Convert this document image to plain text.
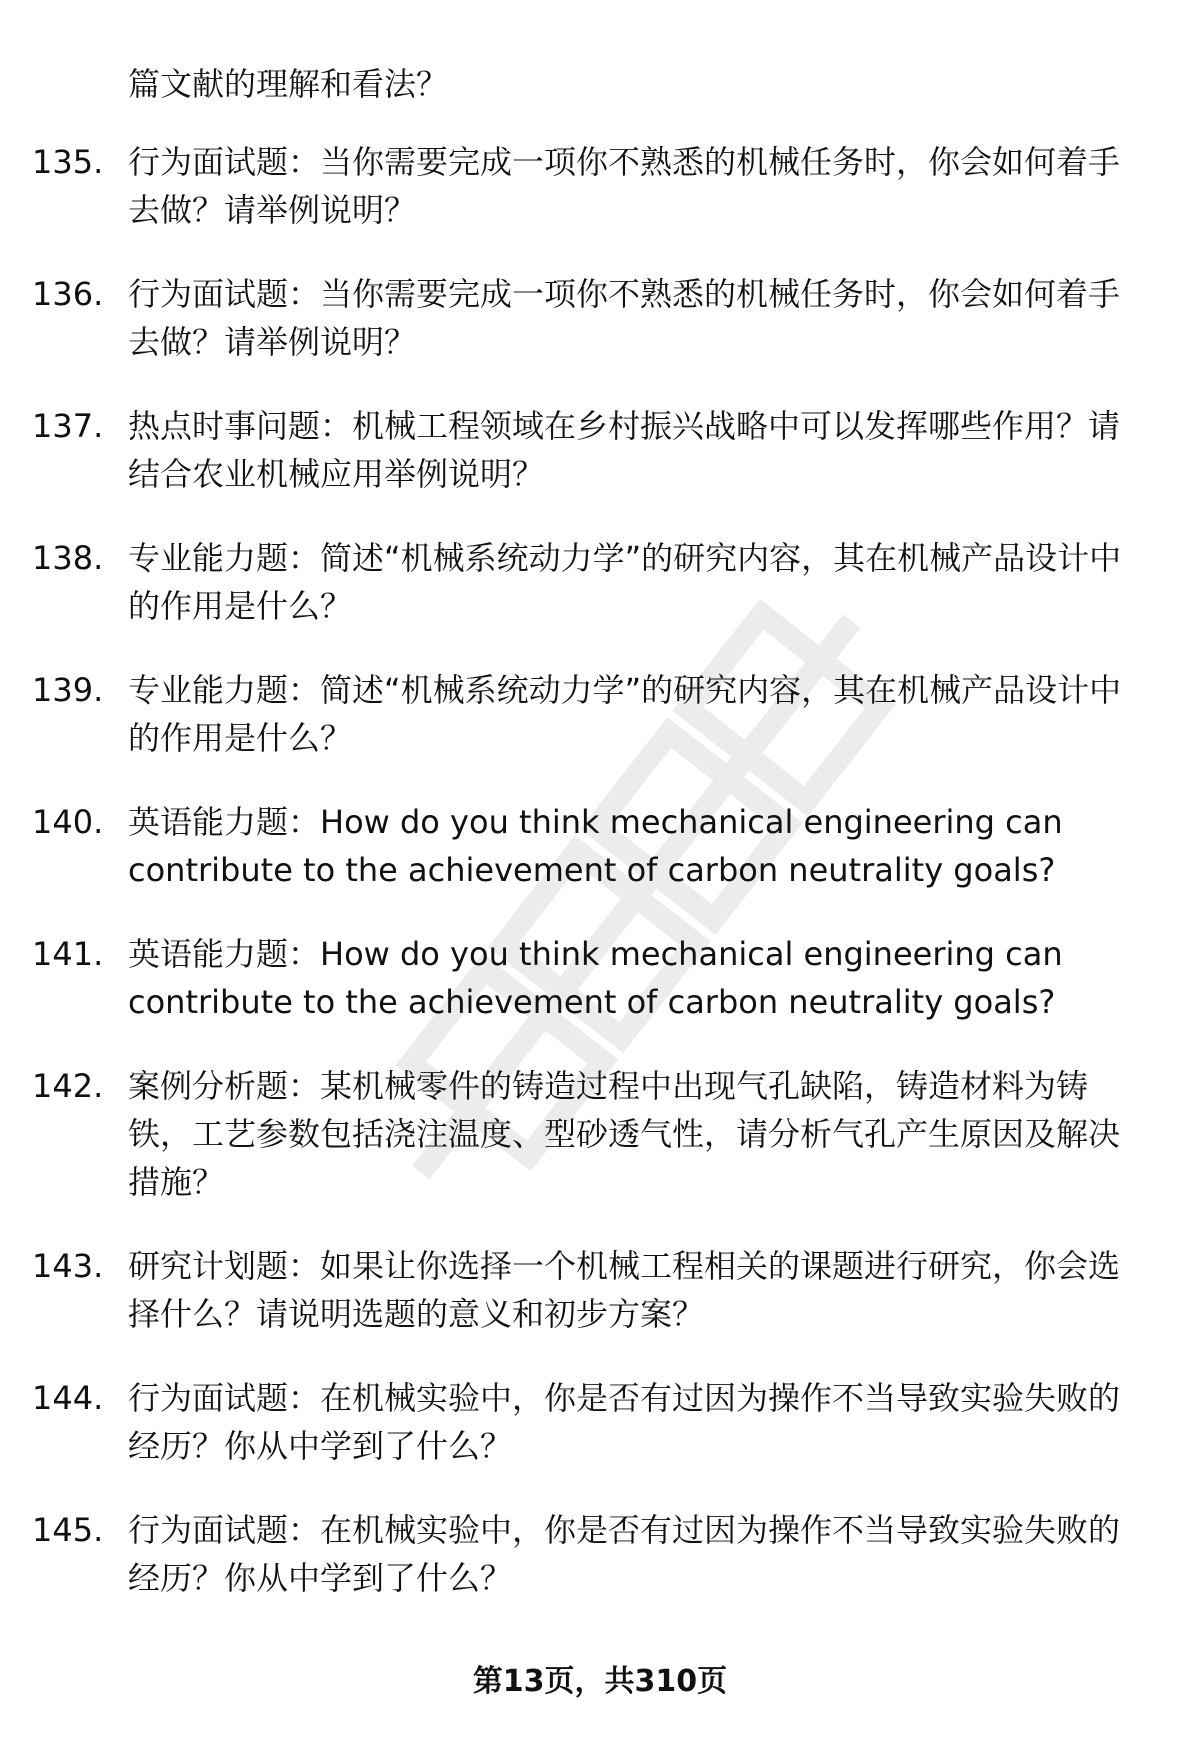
篇文献的理解和看法？

135. 行为面试题：当你需要完成一项你不熟悉的机械任务时，你会如何着手去做？请举例说明？
136. 行为面试题：当你需要完成一项你不熟悉的机械任务时，你会如何着手去做？请举例说明？
137. 热点时事问题：机械工程领域在乡村振兴战略中可以发挥哪些作用？请结合农业机械应用举例说明？
138. 专业能力题：简述“机械系统动力学”的研究内容，其在机械产品设计中的作用是什么？
139. 专业能力题：简述“机械系统动力学”的研究内容，其在机械产品设计中的作用是什么？
140. 英语能力题：How do you think mechanical engineering can contribute to the achievement of carbon neutrality goals?
141. 英语能力题：How do you think mechanical engineering can contribute to the achievement of carbon neutrality goals?
142. 案例分析题：某机械零件的铸造过程中出现气孔缺陷，铸造材料为铸铁，工艺参数包括浇注温度、型砂透气性，请分析气孔产生原因及解决措施？
143. 研究计划题：如果让你选择一个机械工程相关的课题进行研究，你会选择什么？请说明选题的意义和初步方案？
144. 行为面试题：在机械实验中，你是否有过因为操作不当导致实验失败的经历？你从中学到了什么？
145. 行为面试题：在机械实验中，你是否有过因为操作不当导致实验失败的经历？你从中学到了什么？
第13页，共310页
